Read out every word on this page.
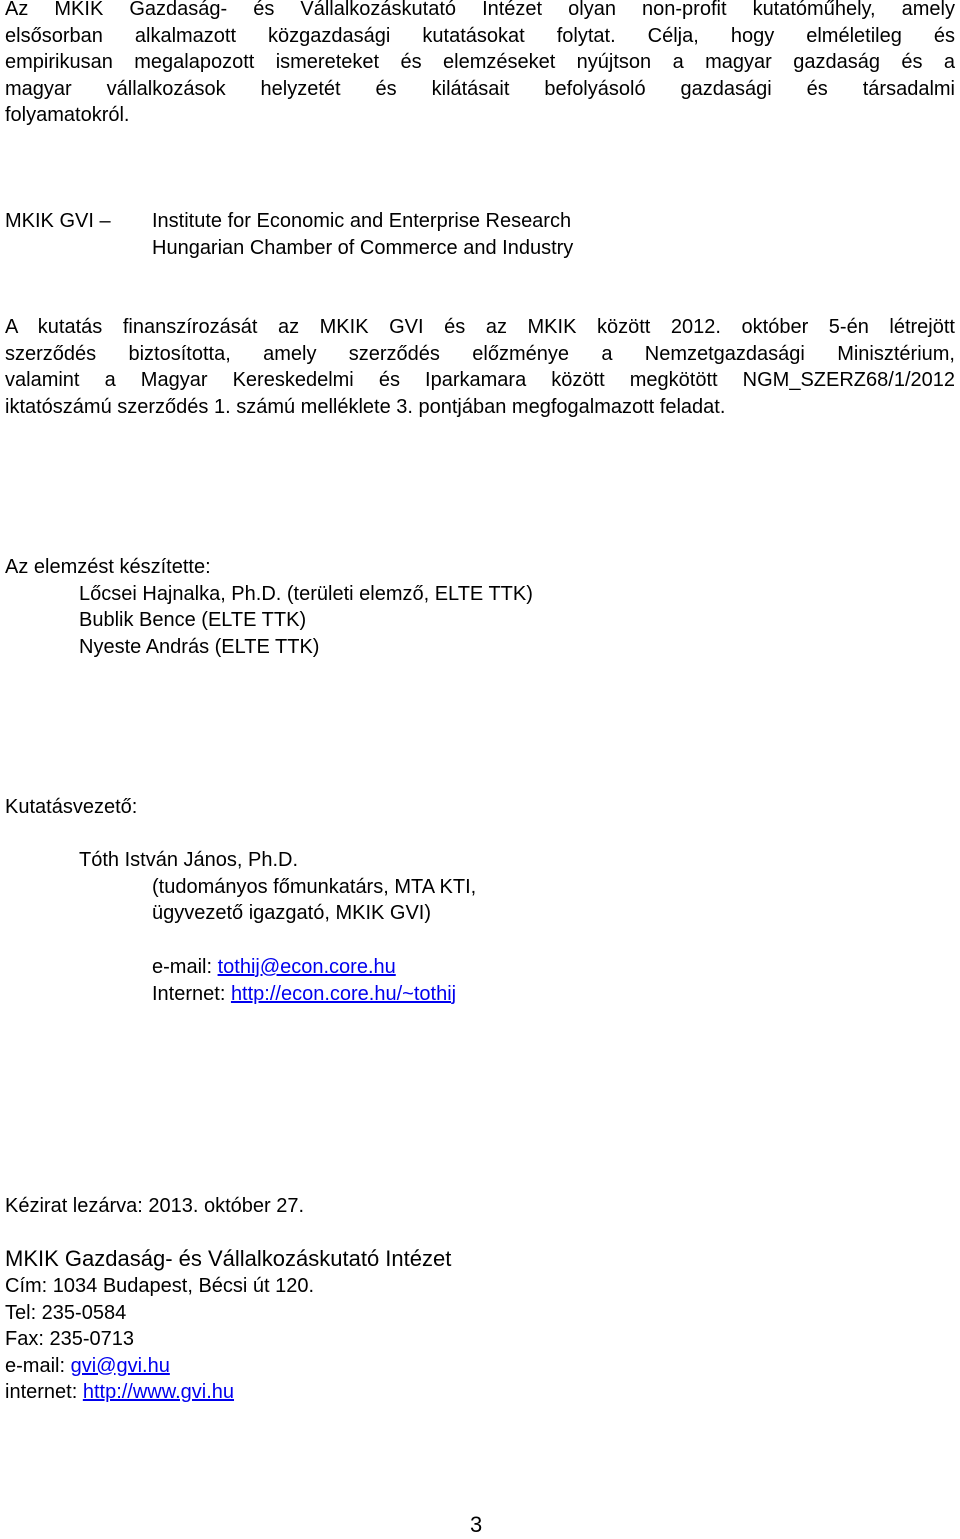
Az MKIK Gazdaság- és Vállalkozáskutató Intézet olyan non-profit kutatóműhely, amely

elsősorban alkalmazott közgazdasági kutatásokat folytat. Célja, hogy elméletileg és

empirikusan megalapozott ismereteket és elemzéseket nyújtson a magyar gazdaság és a

magyar vállalkozások helyzetét és kilátásait befolyásoló gazdasági és társadalmi

folyamatokról.

MKIK GVI – Institute for Economic and Enterprise Research

Hungarian Chamber of Commerce and Industry

A kutatás finanszírozását az MKIK GVI és az MKIK között 2012. október 5-én létrejött

szerződés biztosította, amely szerződés előzménye a Nemzetgazdasági Minisztérium,

valamint a Magyar Kereskedelmi és Iparkamara között megkötött NGM_SZERZ68/1/2012

iktatószámú szerződés 1. számú melléklete 3. pontjában megfogalmazott feladat.

Az elemzést készítette:

Lőcsei Hajnalka, Ph.D. (területi elemző, ELTE TTK)

Bublik Bence (ELTE TTK)

Nyeste András (ELTE TTK)

Kutatásvezető:

Tóth István János, Ph.D.

(tudományos főmunkatárs, MTA KTI,

ügyvezető igazgató, MKIK GVI)

e-mail: tothij@econ.core.hu

Internet: http://econ.core.hu/~tothij

Kézirat lezárva: 2013. október 27.

MKIK Gazdaság- és Vállalkozáskutató Intézet

Cím: 1034 Budapest, Bécsi út 120.

Tel: 235-0584

Fax: 235-0713

e-mail: gvi@gvi.hu

internet: http://www.gvi.hu

3
